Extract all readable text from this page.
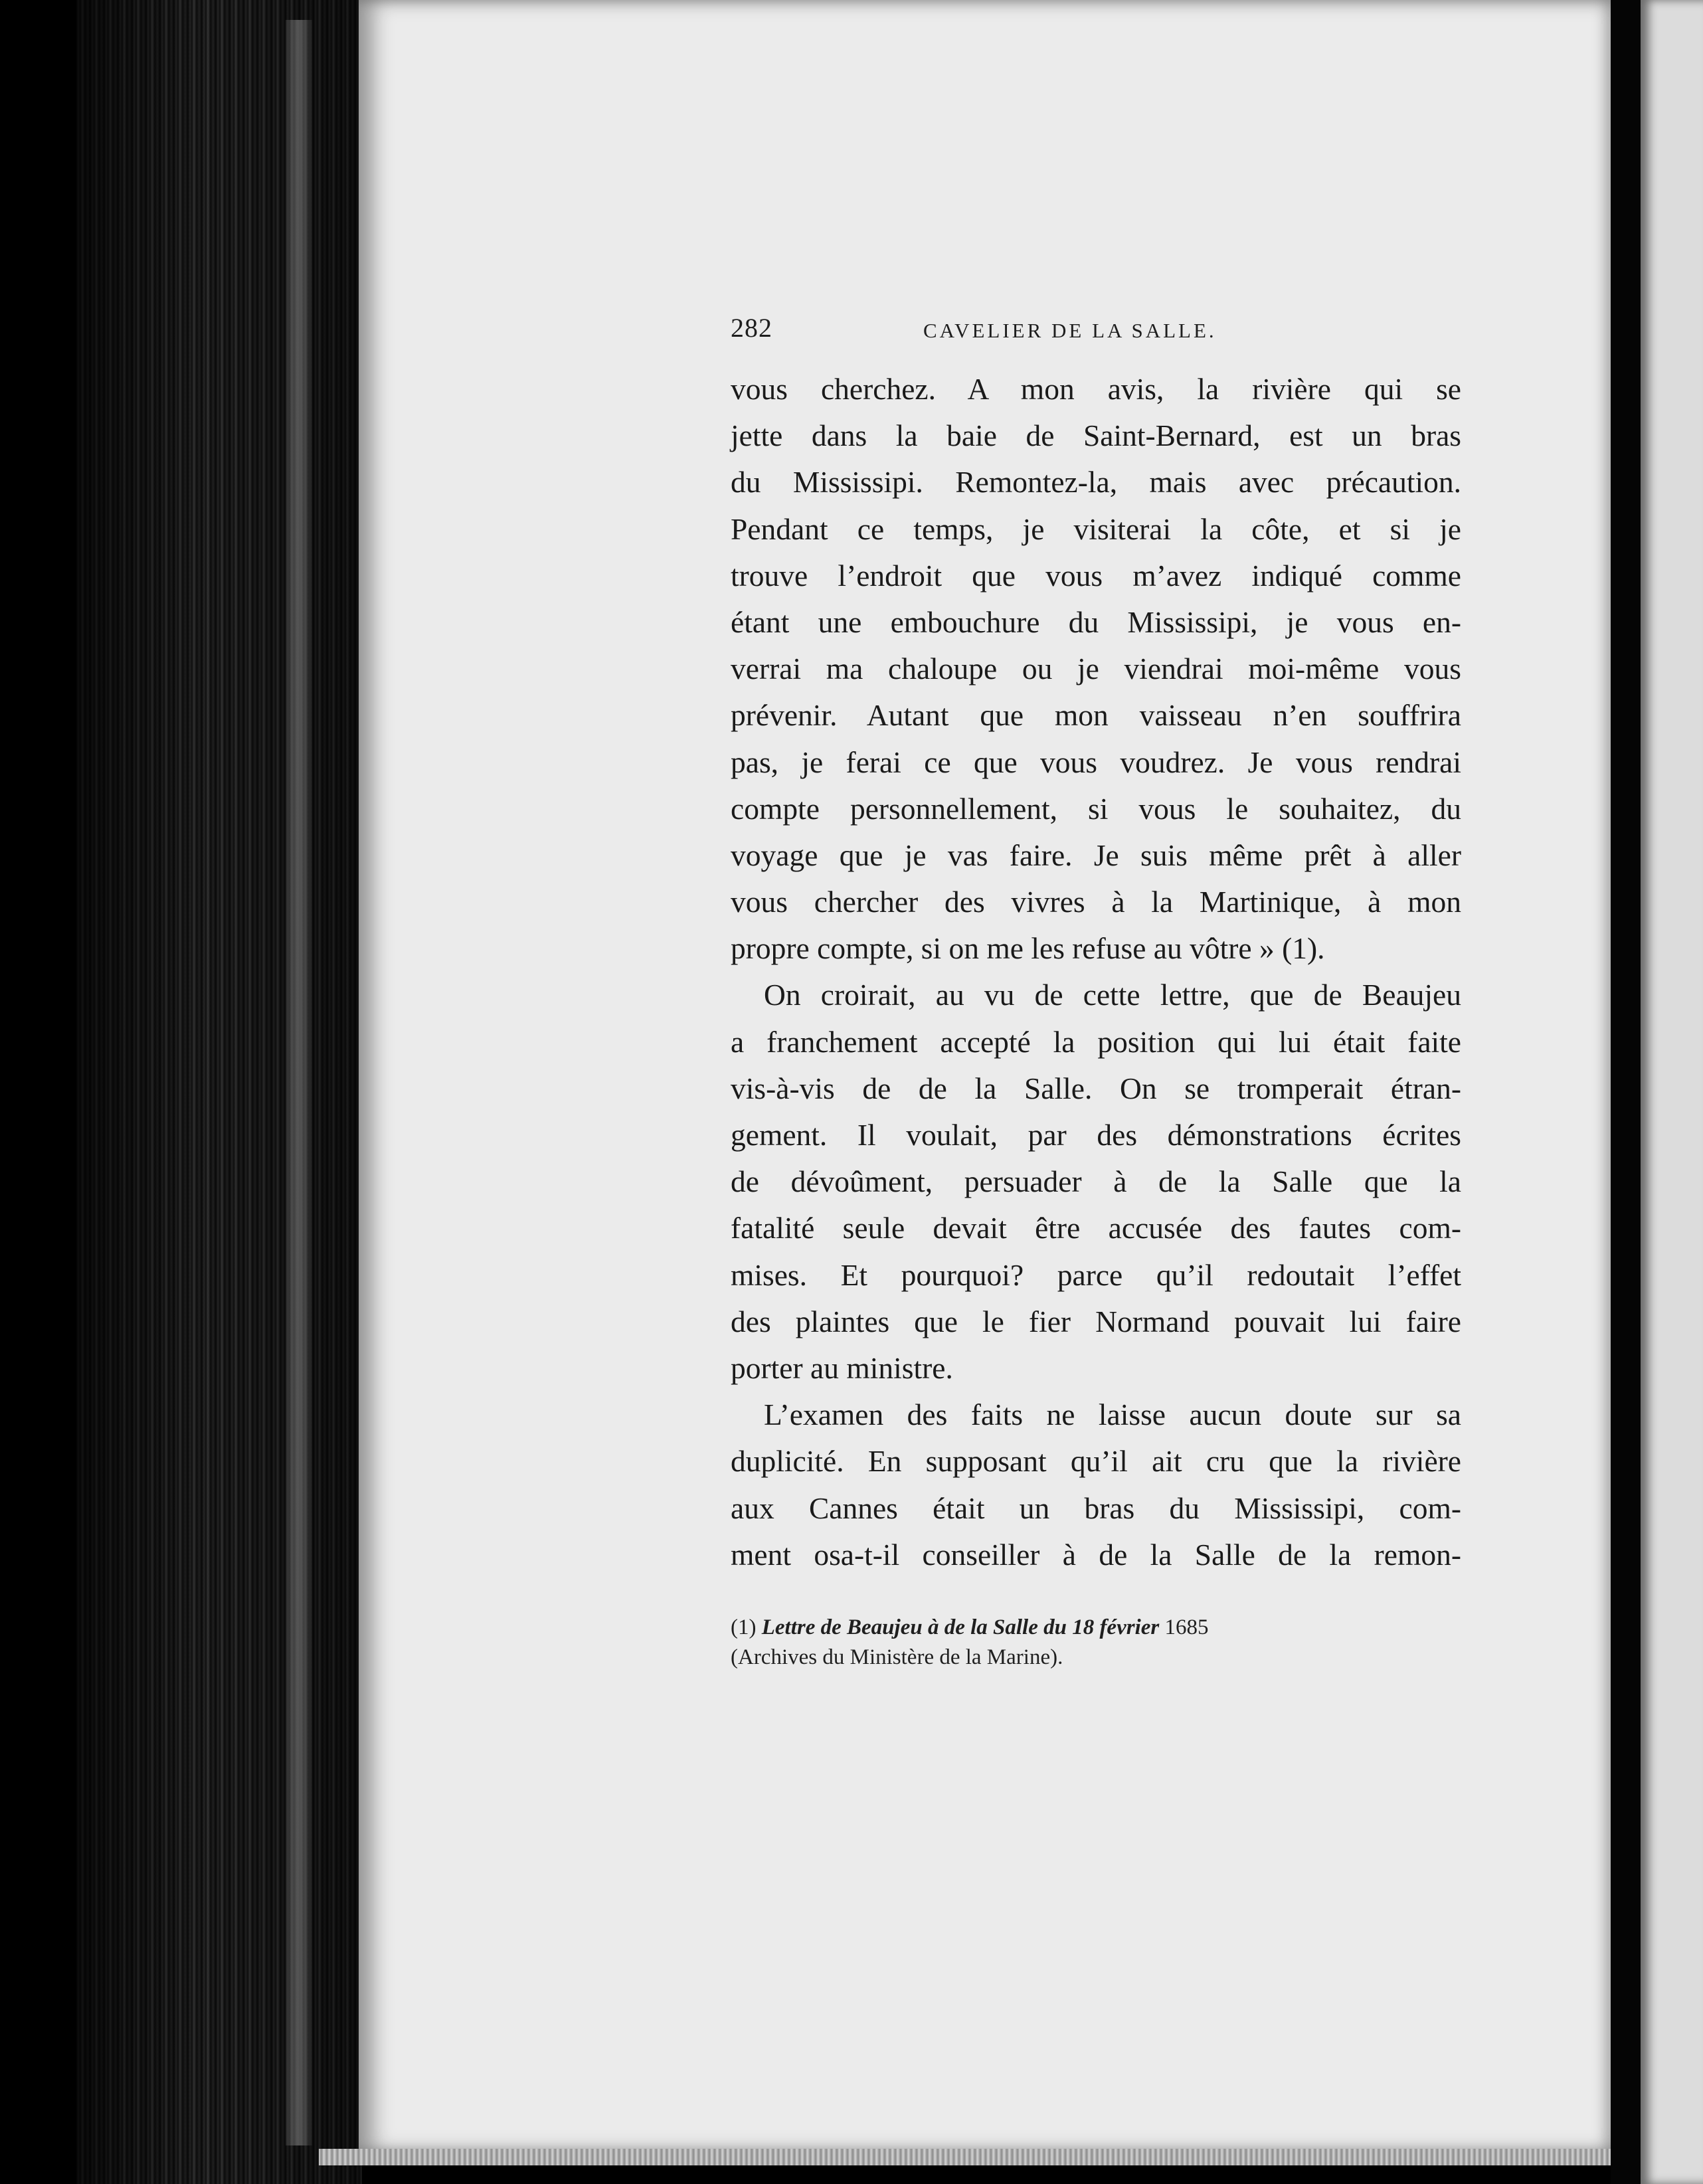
282	CAVELIER DE LA SALLE.
vous cherchez. A mon avis, la rivière qui se
jette dans la baie de Saint-Bernard, est un bras
du Mississipi. Remontez-la, mais avec précaution.
Pendant ce temps, je visiterai la côte, et si je
trouve l’endroit que vous m’avez indiqué comme
étant une embouchure du Mississipi, je vous en-
verrai ma chaloupe ou je viendrai moi-même vous
prévenir. Autant que mon vaisseau n’en souffrira
pas, je ferai ce que vous voudrez. Je vous rendrai
compte personnellement, si vous le souhaitez, du
voyage que je vas faire. Je suis même prêt à aller
vous chercher des vivres à la Martinique, à mon
propre compte, si on me les refuse au vôtre » (1).
On croirait, au vu de cette lettre, que de Beaujeu
a franchement accepté la position qui lui était faite
vis-à-vis de de la Salle. On se tromperait étran-
gement. Il voulait, par des démonstrations écrites
de dévoûment, persuader à de la Salle que la
fatalité seule devait être accusée des fautes com-
mises. Et pourquoi? parce qu’il redoutait l’effet
des plaintes que le fier Normand pouvait lui faire
porter au ministre.
L’examen des faits ne laisse aucun doute sur sa
duplicité. En supposant qu’il ait cru que la rivière
aux Cannes était un bras du Mississipi, com-
ment osa-t-il conseiller à de la Salle de la remon-
(1) Lettre de Beaujeu à de la Salle du 18 février 1685
(Archives du Ministère de la Marine).
